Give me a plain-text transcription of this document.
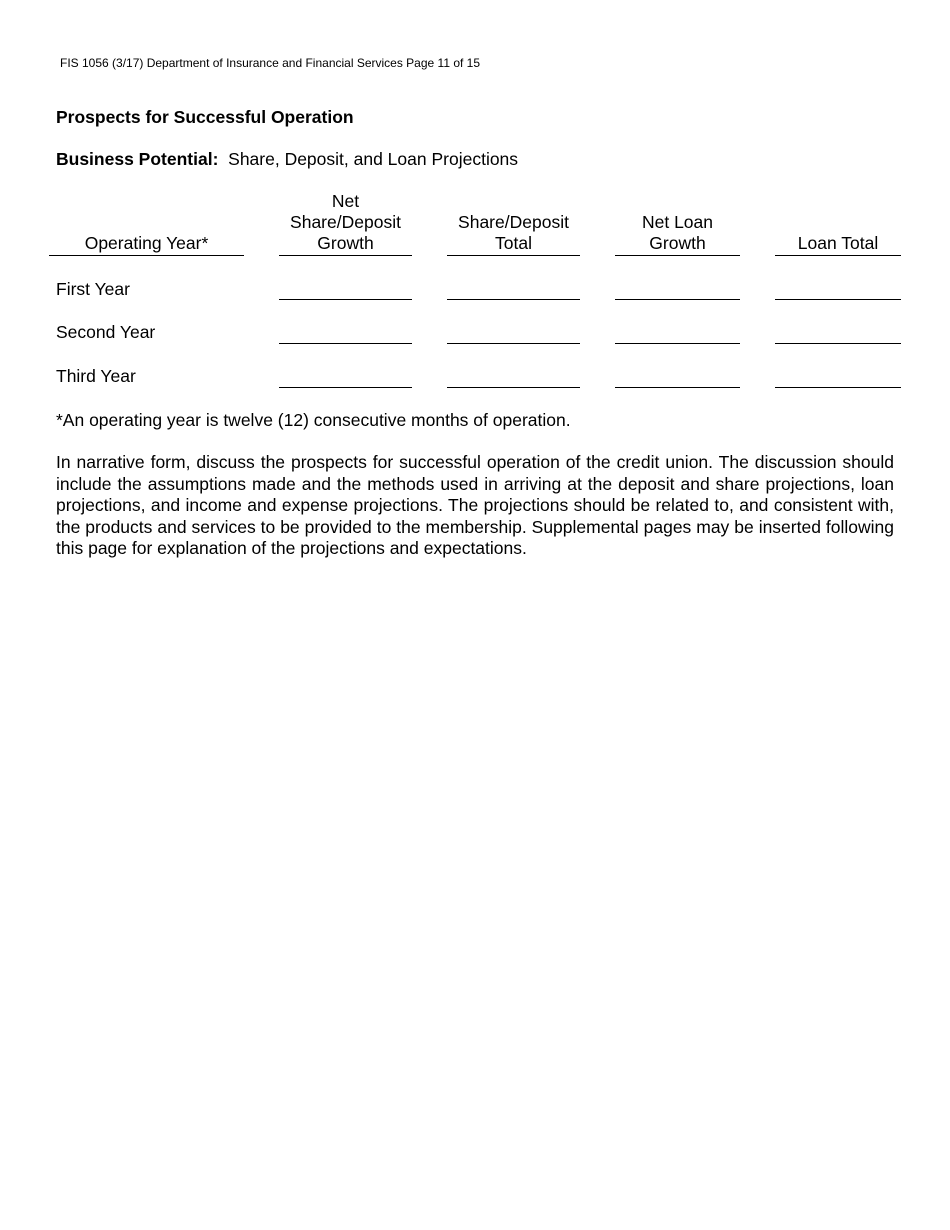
FIS 1056 (3/17) Department of Insurance and Financial Services Page 11 of 15
Prospects for Successful Operation
Business Potential: Share, Deposit, and Loan Projections
Operating Year*
Net
Share/Deposit
Growth
Share/Deposit
Total
Net Loan
Growth	Loan Total
First Year
Second Year
Third Year
*An operating year is twelve (12) consecutive months of operation.
In narrative form, discuss the prospects for successful operation of the credit union. The discussion should include the assumptions made and the methods used in arriving at the deposit and share projections, loan projections, and income and expense projections. The projections should be related to, and consistent with, the products and services to be provided to the membership. Supplemental pages may be inserted following this page for explanation of the projections and expectations.
